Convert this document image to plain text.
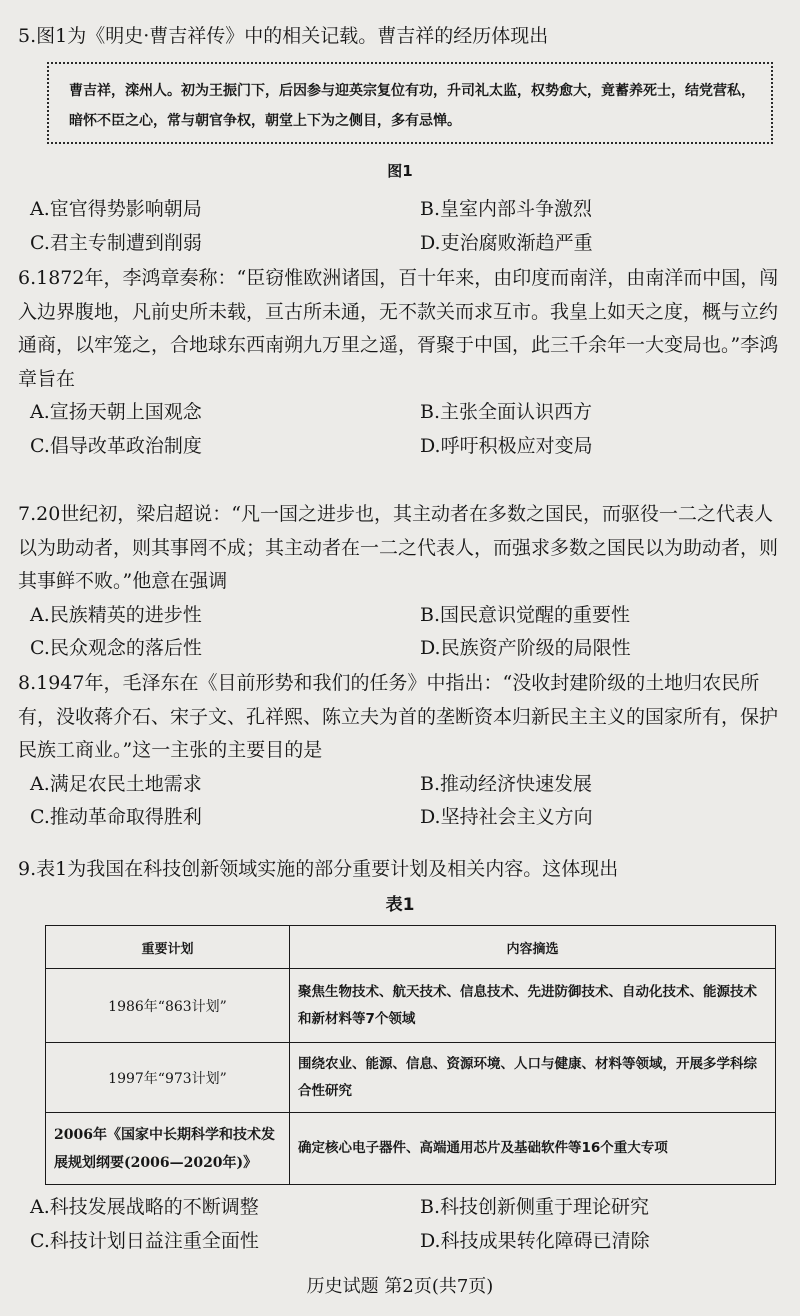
5.图1为《明史·曹吉祥传》中的相关记载。曹吉祥的经历体现出

曹吉祥，滦州人。初为王振门下，后因参与迎英宗复位有功，升司礼太监，权势愈大，竟蓄养死士，结党营私，暗怀不臣之心，常与朝官争权，朝堂上下为之侧目，多有忌惮。
图1
A.宦官得势影响朝局	B.皇室内部斗争激烈
C.君主专制遭到削弱	D.吏治腐败渐趋严重

6.1872年，李鸿章奏称：“臣窃惟欧洲诸国，百十年来，由印度而南洋，由南洋而中国，闯入边界腹地，凡前史所未载，亘古所未通，无不款关而求互市。我皇上如天之度，概与立约通商，以牢笼之，合地球东西南朔九万里之遥，胥聚于中国，此三千余年一大变局也。”李鸿章旨在

A.宣扬天朝上国观念	B.主张全面认识西方
C.倡导改革政治制度	D.呼吁积极应对变局

7.20世纪初，梁启超说：“凡一国之进步也，其主动者在多数之国民，而驱役一二之代表人以为助动者，则其事罔不成；其主动者在一二之代表人，而强求多数之国民以为助动者，则其事鲜不败。”他意在强调

A.民族精英的进步性	B.国民意识觉醒的重要性
C.民众观念的落后性	D.民族资产阶级的局限性

8.1947年，毛泽东在《目前形势和我们的任务》中指出：“没收封建阶级的土地归农民所有，没收蒋介石、宋子文、孔祥熙、陈立夫为首的垄断资本归新民主主义的国家所有，保护民族工商业。”这一主张的主要目的是

A.满足农民土地需求	B.推动经济快速发展
C.推动革命取得胜利	D.坚持社会主义方向

9.表1为我国在科技创新领域实施的部分重要计划及相关内容。这体现出

表1
重要计划	内容摘选
1986年“863计划”	聚焦生物技术、航天技术、信息技术、先进防御技术、自动化技术、能源技术和新材料等7个领域
1997年“973计划”	围绕农业、能源、信息、资源环境、人口与健康、材料等领域，开展多学科综合性研究
2006年《国家中长期科学和技术发展规划纲要(2006—2020年)》	确定核心电子器件、高端通用芯片及基础软件等16个重大专项
A.科技发展战略的不断调整	B.科技创新侧重于理论研究
C.科技计划日益注重全面性	D.科技成果转化障碍已清除
历史试题 第2页(共7页)
